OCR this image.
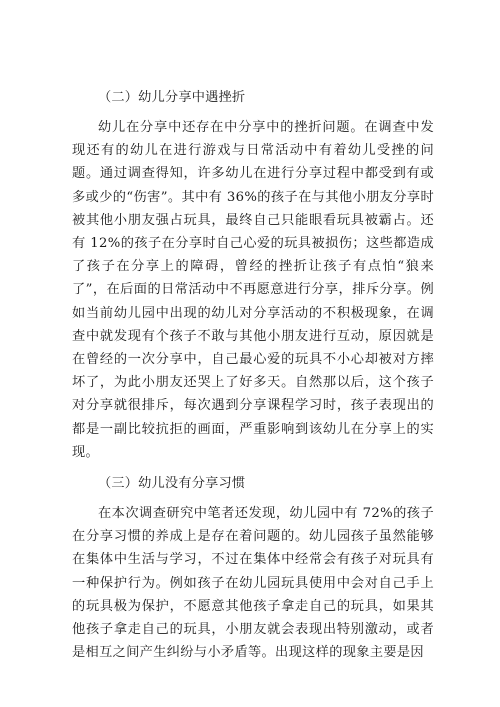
（二）幼儿分享中遇挫折

幼儿在分享中还存在中分享中的挫折问题。在调查中发现还有的幼儿在进行游戏与日常活动中有着幼儿受挫的问题。通过调查得知，许多幼儿在进行分享过程中都受到有或多或少的“伤害”。其中有 36%的孩子在与其他小朋友分享时被其他小朋友强占玩具，最终自己只能眼看玩具被霸占。还有 12%的孩子在分享时自己心爱的玩具被损伤；这些都造成了孩子在分享上的障碍，曾经的挫折让孩子有点怕“狼来了”，在后面的日常活动中不再愿意进行分享，排斥分享。例如当前幼儿园中出现的幼儿对分享活动的不积极现象，在调查中就发现有个孩子不敢与其他小朋友进行互动，原因就是在曾经的一次分享中，自己最心爱的玩具不小心却被对方摔坏了，为此小朋友还哭上了好多天。自然那以后，这个孩子对分享就很排斥，每次遇到分享课程学习时，孩子表现出的都是一副比较抗拒的画面，严重影响到该幼儿在分享上的实现。

（三）幼儿没有分享习惯

在本次调查研究中笔者还发现，幼儿园中有 72%的孩子在分享习惯的养成上是存在着问题的。幼儿园孩子虽然能够在集体中生活与学习，不过在集体中经常会有孩子对玩具有一种保护行为。例如孩子在幼儿园玩具使用中会对自己手上的玩具极为保护，不愿意其他孩子拿走自己的玩具，如果其他孩子拿走自己的玩具，小朋友就会表现出特别激动，或者是相互之间产生纠纷与小矛盾等。出现这样的现象主要是因
